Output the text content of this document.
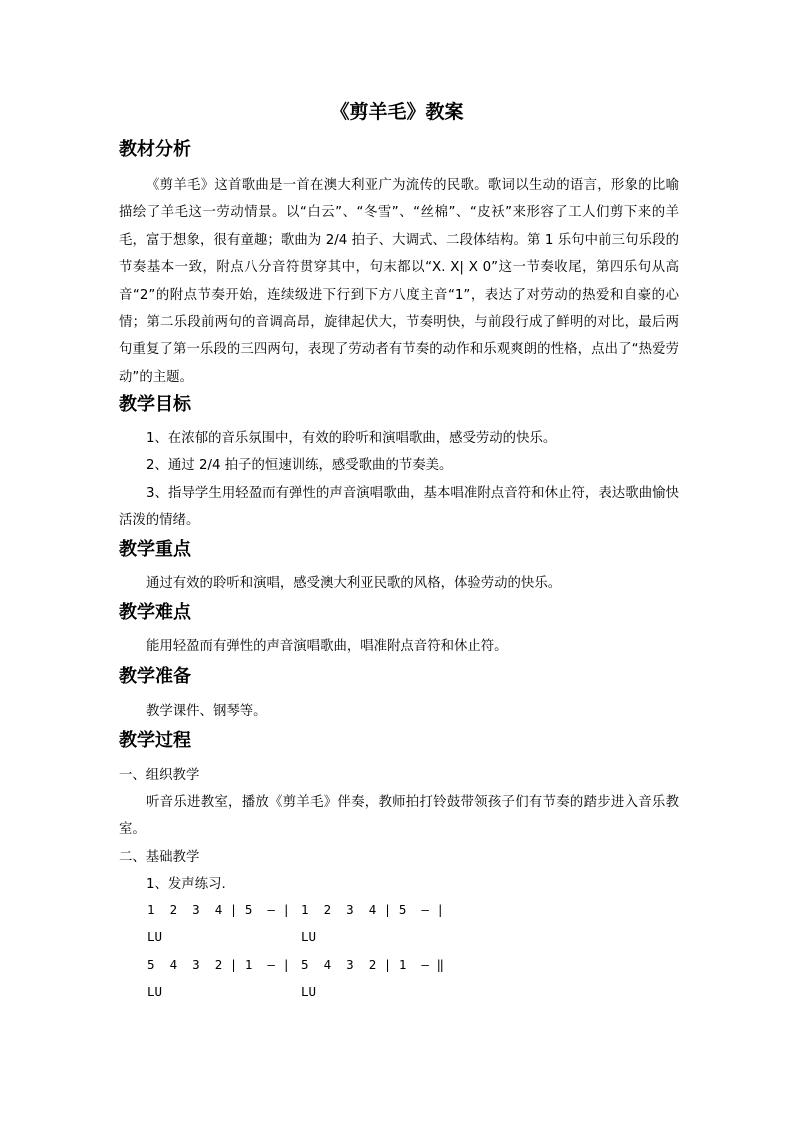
《剪羊毛》教案
教材分析

《剪羊毛》这首歌曲是一首在澳大利亚广为流传的民歌。歌词以生动的语言，形象的比喻描绘了羊毛这一劳动情景。以“白云”、“冬雪”、“丝棉”、“皮袄”来形容了工人们剪下来的羊毛，富于想象，很有童趣；歌曲为 2/4 拍子、大调式、二段体结构。第 1 乐句中前三句乐段的节奏基本一致，附点八分音符贯穿其中，句末都以“X. X| X 0”这一节奏收尾，第四乐句从高音“2”的附点节奏开始，连续级进下行到下方八度主音“1”，表达了对劳动的热爱和自豪的心情；第二乐段前两句的音调高昂，旋律起伏大，节奏明快，与前段行成了鲜明的对比，最后两句重复了第一乐段的三四两句，表现了劳动者有节奏的动作和乐观爽朗的性格，点出了“热爱劳动”的主题。

教学目标

1、在浓郁的音乐氛围中，有效的聆听和演唱歌曲，感受劳动的快乐。

2、通过 2/4 拍子的恒速训练，感受歌曲的节奏美。

3、指导学生用轻盈而有弹性的声音演唱歌曲，基本唱准附点音符和休止符，表达歌曲愉快活泼的情绪。

教学重点

通过有效的聆听和演唱，感受澳大利亚民歌的风格，体验劳动的快乐。

教学难点

能用轻盈而有弹性的声音演唱歌曲，唱准附点音符和休止符。

教学准备

教学课件、钢琴等。

教学过程

一、组织教学

听音乐进教室，播放《剪羊毛》伴奏，教师拍打铃鼓带领孩子们有节奏的踏步进入音乐教室。

二、基础教学

1、发声练习.

1  2  3  4 | 5  — | 1  2  3  4 | 5  — |
LU	LU
5  4  3  2 | 1  — | 5  4  3  2 | 1  — ‖
LU	LU
